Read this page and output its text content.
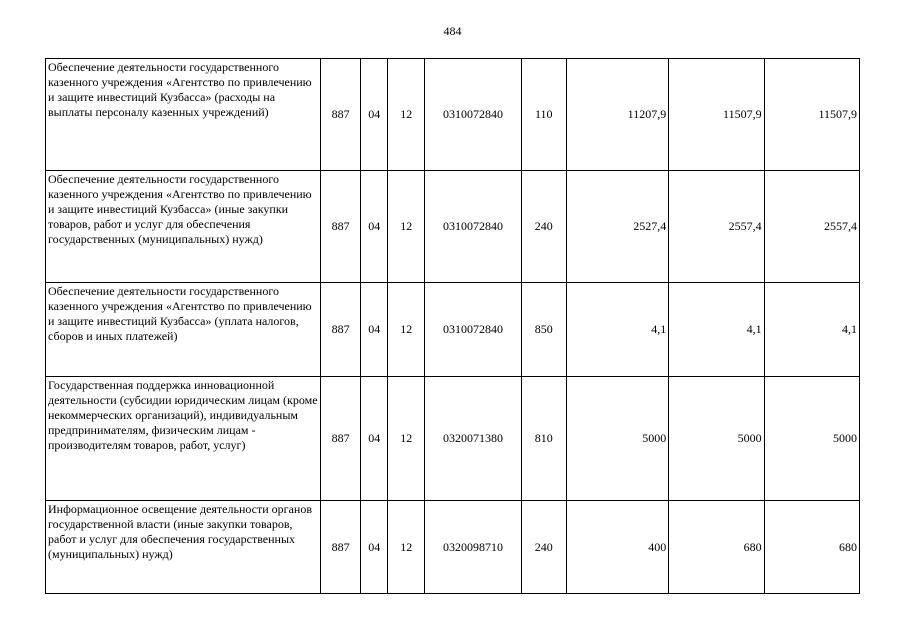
484
Обеспечение деятельности государственного казенного учреждения «Агентство по привлечению и защите инвестиций Кузбасса» (расходы на выплаты персоналу казенных учреждений)	887	04	12	0310072840	110	11207,9	11507,9	11507,9
Обеспечение деятельности государственного казенного учреждения «Агентство по привлечению и защите инвестиций Кузбасса» (иные закупки товаров, работ и услуг для обеспечения государственных (муниципальных) нужд)	887	04	12	0310072840	240	2527,4	2557,4	2557,4
Обеспечение деятельности государственного казенного учреждения «Агентство по привлечению и защите инвестиций Кузбасса» (уплата налогов, сборов и иных платежей)	887	04	12	0310072840	850	4,1	4,1	4,1
Государственная поддержка инновационной деятельности (субсидии юридическим лицам (кроме некоммерческих организаций), индивидуальным предпринимателям, физическим лицам - производителям товаров, работ, услуг)	887	04	12	0320071380	810	5000	5000	5000
Информационное освещение деятельности органов государственной власти (иные закупки товаров, работ и услуг для обеспечения государственных (муниципальных) нужд)	887	04	12	0320098710	240	400	680	680
